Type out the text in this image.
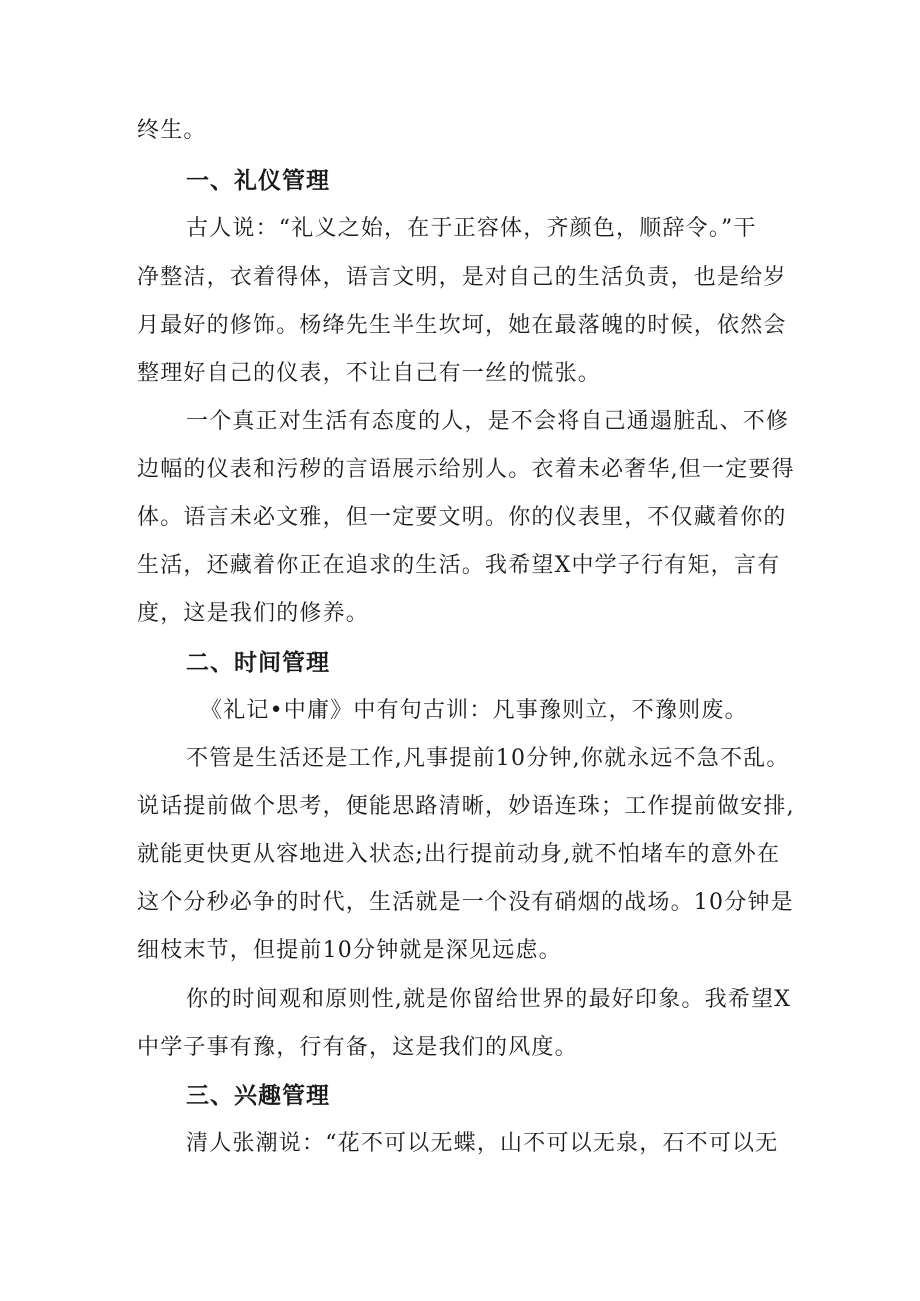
终生。
一、礼仪管理
古人说：“礼义之始，在于正容体，齐颜色，顺辞令。”干
净整洁，衣着得体，语言文明，是对自己的生活负责，也是给岁
月最好的修饰。杨绛先生半生坎坷，她在最落魄的时候，依然会
整理好自己的仪表，不让自己有一丝的慌张。
一个真正对生活有态度的人，是不会将自己通遢脏乱、不修
边幅的仪表和污秽的言语展示给别人。衣着未必奢华,但一定要得
体。语言未必文雅，但一定要文明。你的仪表里，不仅藏着你的
生活，还藏着你正在追求的生活。我希望X中学子行有矩，言有
度，这是我们的修养。
二、时间管理
《礼记•中庸》中有句古训：凡事豫则立，不豫则废。
不管是生活还是工作,凡事提前10分钟,你就永远不急不乱。
说话提前做个思考，便能思路清晰，妙语连珠；工作提前做安排,
就能更快更从容地进入状态;出行提前动身,就不怕堵车的意外在
这个分秒必争的时代，生活就是一个没有硝烟的战场。10分钟是
细枝末节，但提前10分钟就是深见远虑。
你的时间观和原则性,就是你留给世界的最好印象。我希望X
中学子事有豫，行有备，这是我们的风度。
三、兴趣管理
清人张潮说：“花不可以无蝶，山不可以无泉，石不可以无
